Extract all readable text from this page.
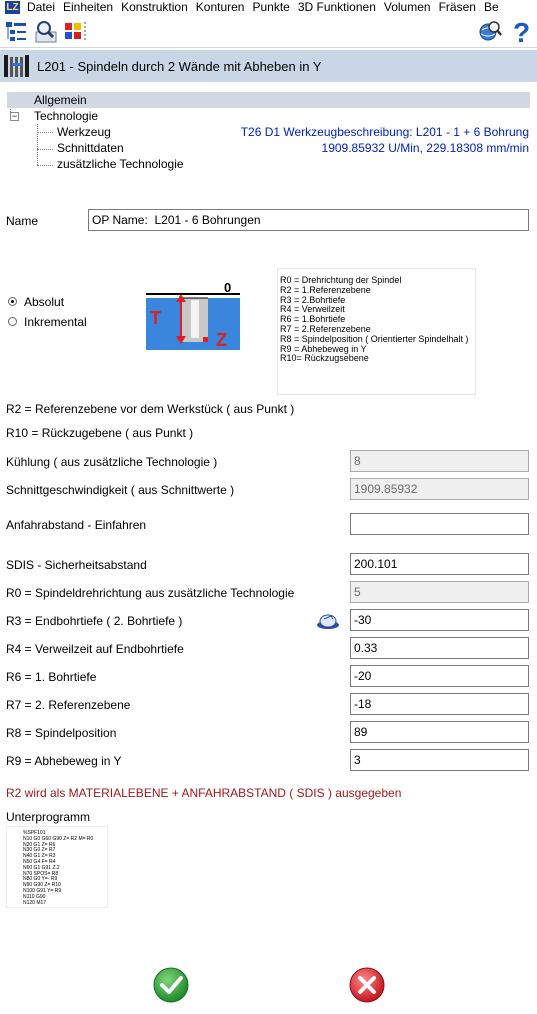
LZ Datei Einheiten Konstruktion Konturen Punkte 3D Funktionen Volumen Fräsen Be
?
L201 - Spindeln durch 2 Wände mit Abheben in Y
Allgemein
− Technologie
Werkzeug	T26 D1 Werkzeugbeschreibung: L201 - 1 + 6 Bohrung
Schnittdaten	1909.85932 U/Min, 229.18308 mm/min
zusätzliche Technologie
Name
OP Name: L201 - 6 Bohrungen
Absolut
Inkremental
0
T
Z
R0 = Drehrichtung der Spindel
R2 = 1.Referenzebene
R3 = 2.Bohrtiefe
R4 = Verweilzeit
R6 = 1.Bohrtiefe
R7 = 2.Referenzebene
R8 = Spindelposition ( Orientierter Spindelhalt )
R9 = Abhebeweg in Y
R10= Rückzugsebene
R2 = Referenzebene vor dem Werkstück ( aus Punkt )
R10 = Rückzugebene ( aus Punkt )
Kühlung ( aus zusätzliche Technologie )
8
Schnittgeschwindigkeit ( aus Schnittwerte )
1909.85932
Anfahrabstand - Einfahren
SDIS - Sicherheitsabstand
200.101
R0 = Spindeldrehrichtung aus zusätzliche Technologie
5
R3 = Endbohrtiefe ( 2. Bohrtiefe )
-30
R4 = Verweilzeit auf Endbohrtiefe
0.33
R6 = 1. Bohrtiefe
-20
R7 = 2. Referenzebene
-18
R8 = Spindelposition
89
R9 = Abhebeweg in Y
3
R2 wird als MATERIALEBENE + ANFAHRABSTAND ( SDIS ) ausgegeben
Unterprogramm
%SPF101
N10 G0 G60 G90 Z= R2 M= R0
N20 G1 Z= R6
N30 G0 Z= R7
N40 G1 Z= R3
N50 G4 F= R4
N60 G1 G91 Z.2
N70 SPOS= R8
N80 G0 Y=- R9
N90 G90 Z= R10
N100 G91 Y= R9
N110 G90
N120 M17
